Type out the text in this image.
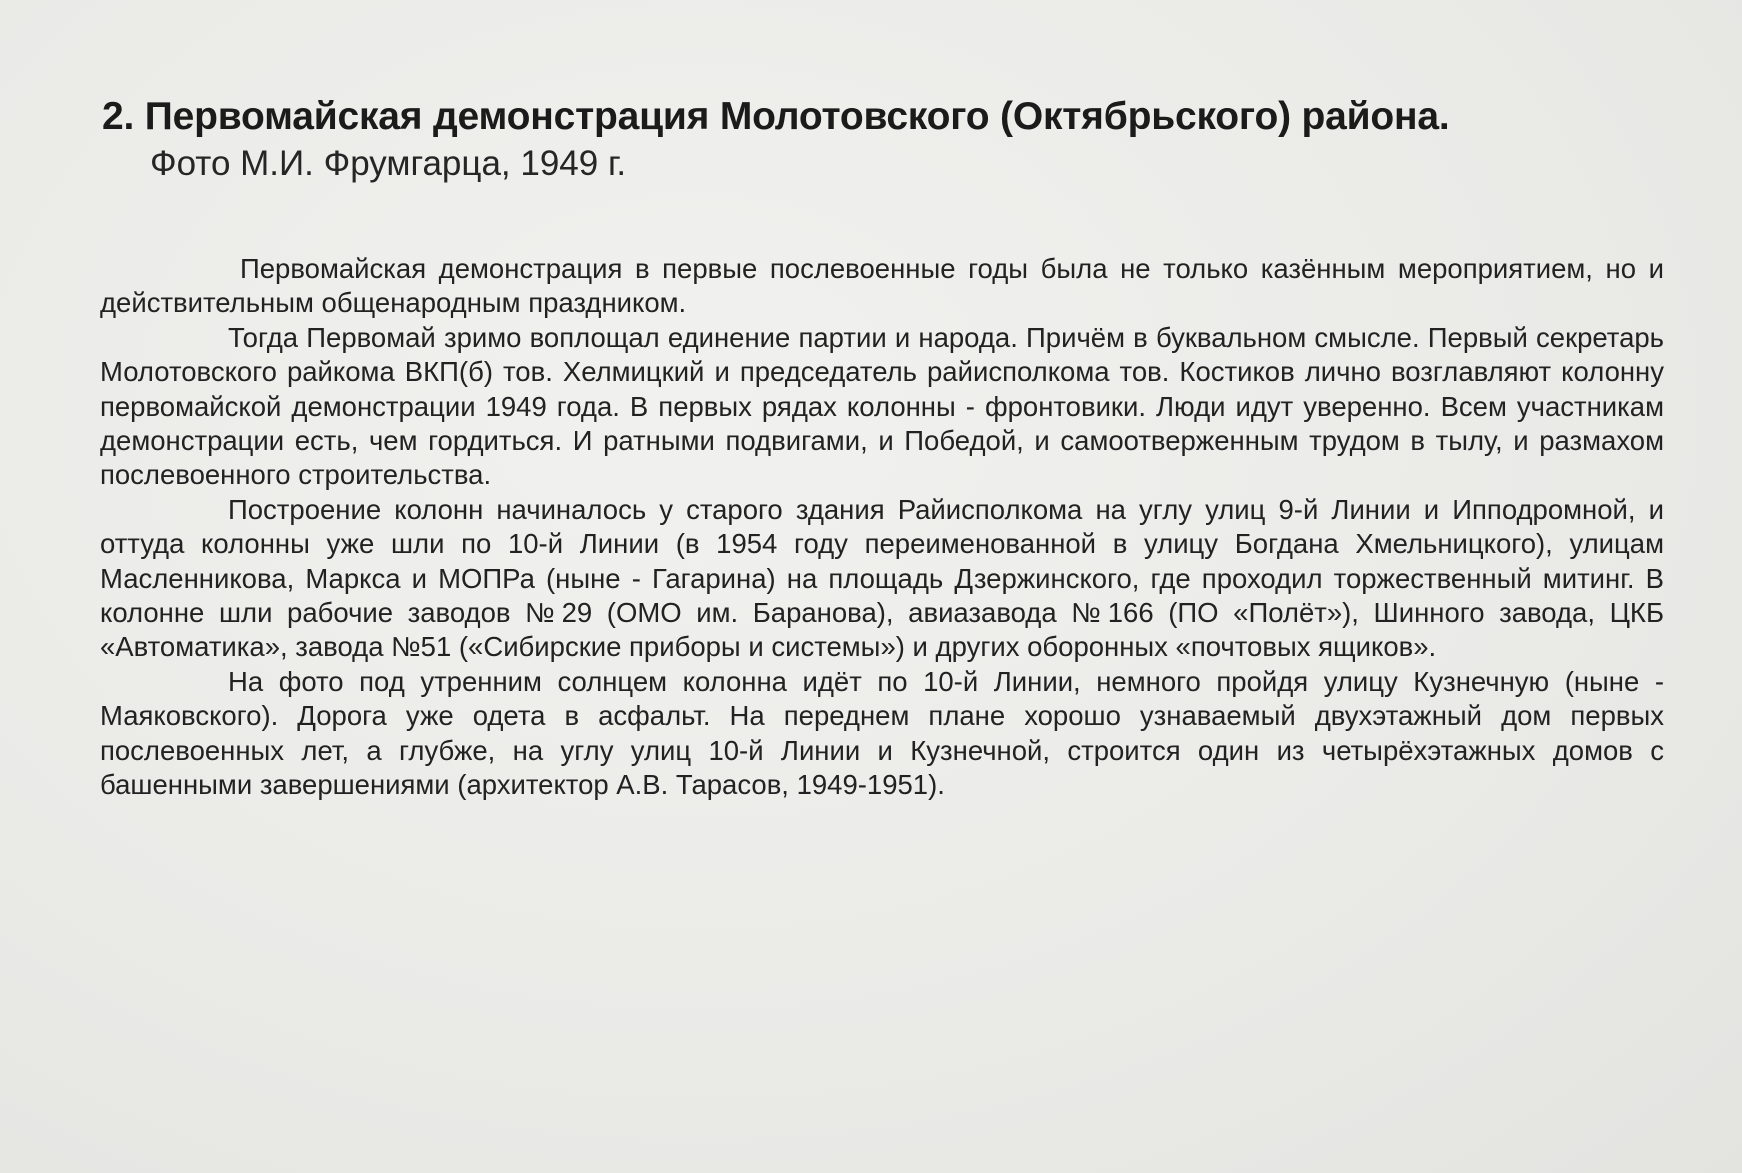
2. Первомайская демонстрация Молотовского (Октябрьского) района.
Фото М.И. Фрумгарца, 1949 г.

Первомайская демонстрация в первые послевоенные годы была не только казённым мероприятием, но и действительным общенародным праздником.

Тогда Первомай зримо воплощал единение партии и народа. Причём в буквальном смысле. Первый секретарь Молотовского райкома ВКП(б) тов. Хелмицкий и председатель райисполкома тов. Костиков лично возглавляют колонну первомайской демонстрации 1949 года. В первых рядах колонны - фронтовики. Люди идут уверенно. Всем участникам демонстрации есть, чем гордиться. И ратными подвигами, и Победой, и самоотверженным трудом в тылу, и размахом послевоенного строительства.

Построение колонн начиналось у старого здания Райисполкома на углу улиц 9-й Линии и Ипподромной, и оттуда колонны уже шли по 10-й Линии (в 1954 году переименованной в улицу Богдана Хмельницкого), улицам Масленникова, Маркса и МОПРа (ныне - Гагарина) на площадь Дзержинского, где проходил торжественный митинг. В колонне шли рабочие заводов №29 (ОМО им. Баранова), авиазавода №166 (ПО «Полёт»), Шинного завода, ЦКБ «Автоматика», завода №51 («Сибирские приборы и системы») и других оборонных «почтовых ящиков».

На фото под утренним солнцем колонна идёт по 10-й Линии, немного пройдя улицу Кузнечную (ныне - Маяковского). Дорога уже одета в асфальт. На переднем плане хорошо узнаваемый двухэтажный дом первых послевоенных лет, а глубже, на углу улиц 10-й Линии и Кузнечной, строится один из четырёхэтажных домов с башенными завершениями (архитектор А.В. Тарасов, 1949-1951).
